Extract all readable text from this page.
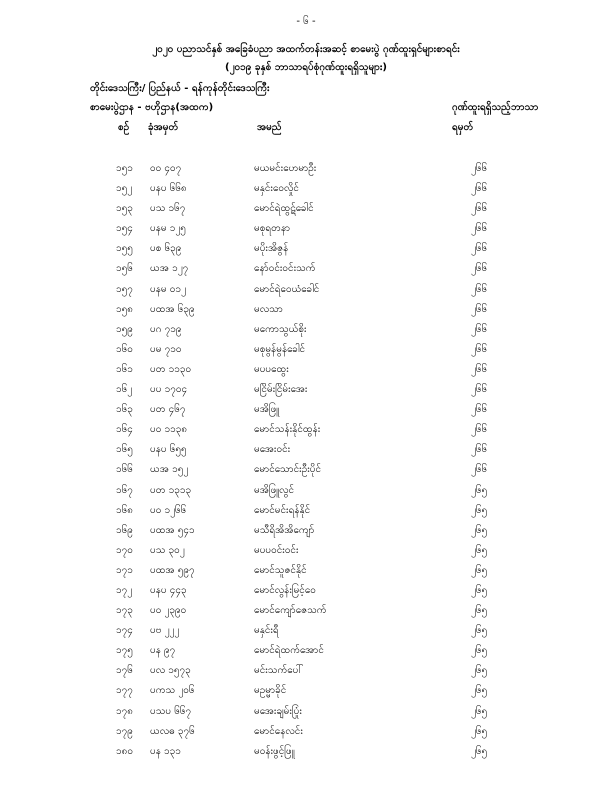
- ၆ -
၂၀၂၀ ပညာသင်နှစ် အခြေခံပညာ အထက်တန်းအဆင့် စာမေးပွဲ ဂုဏ်ထူးရှင်များစာရင်း
(၂၀၁၉ ခုနှစ် ဘာသာရပ်စုံဂုဏ်ထူးရရှိသူများ)
တိုင်းဒေသကြီး/ ပြည်နယ် - ရန်ကုန်တိုင်းဒေသကြီး
စာမေးပွဲဌာန - ဗဟိုဌာန(အထက)	ဂုဏ်ထူးရရှိသည့်ဘာသာ
စဉ် ခုံအမှတ်	အမည်	ရမှတ်
၁၅၁ ဝဝ ၄၀၇	မယမင်းဟေမာဦး	၂၆၆
၁၅၂ ပနပ ၆၆၈	မနှင်းဝေလှိုင်	၂၆၆
၁၅၃ ပသ ၁၆၇	မောင်ရဲထွဋ်ခေါင်	၂၆၆
၁၅၄ ပနမ ၁၂၅	မစုရတနာ	၂၆၆
၁၅၅ ပစ ၆၃၉	မပိုးအိဇွန်	၂၆၆
၁၅၆ ယအ ၁၂၇	နော်ဝင်းဝင်းသက်	၂၆၆
၁၅၇ ပနမ ၀၁၂	မောင်ရဲဝေယံခေါင်	၂၆၆
၁၅၈ ပထအ ၆၃၉	မလသာ	၂၆၆
၁၅၉ ပဂ ၇၁၉	မကောသွယ်စိုး	၂၆၆
၁၆၀ ပမ ၇၁၀	မစုမွန်မွန်ခေါင်	၂၆၆
၁၆၁ ပတ ၁၁၃၀	မပပထွေး	၂၆၆
၁၆၂ ပပ ၁၇၀၄	မငြိမ်းငြိမ်းအေး	၂၆၆
၁၆၃ ပတ ၄၆၇	မအိဖြူ	၂၆၆
၁၆၄ ပဝ ၁၁၃၈	မောင်သန်းနိုင်ထွန်း	၂၆၆
၁၆၅ ပနပ ၆၅၅	မအေးဝင်း	၂၆၆
၁၆၆ ယအ ၁၅၂	မောင်သောင်းဦးပိုင်	၂၆၆
၁၆၇ ပတ ၁၃၁၃	မအိဖြူလွင်	၂၆၅
၁၆၈ ပဝ ၁၂၆၆	မောင်မင်းရန်နိုင်	၂၆၅
၁၆၉ ပထအ ၅၄၁	မသီရိအိအိကျော်	၂၆၅
၁၇၀ ပသ ၃၀၂	မပပဝင်းဝင်း	၂၆၅
၁၇၁ ပထအ ၅၉၇	မောင်သူဇင်နိုင်	၂၆၅
၁၇၂ ပနပ ၄၄၃	မောင်လွန်းမြင့်ဝေ	၂၆၅
၁၇၃ ပဝ ၂၃၉၀	မောင်ကျော်ဇေသက်	၂၆၅
၁၇၄ ပဗ ၂၂၂	မနှင်းရီ	၂၆၅
၁၇၅ ပန ၉၇	မောင်ရဲထက်အောင်	၂၆၅
၁၇၆ ပလ ၁၅၇၃	မင်းသက်ပေါ်	၂၆၅
၁၇၇ ပကသ ၂၀၆	မဥမ္မာခိုင်	၂၆၅
၁၇၈ ပသပ ၆၆၇	မအေးချမ်းပြုံး	၂၆၅
၁၇၉ ယလဓ ၃၇၆	မောင်နေလင်း	၂၆၅
၁၈၀ ပန ၁၃၁	မဝန်းဖွင့်ဖြူ	၂၆၅
